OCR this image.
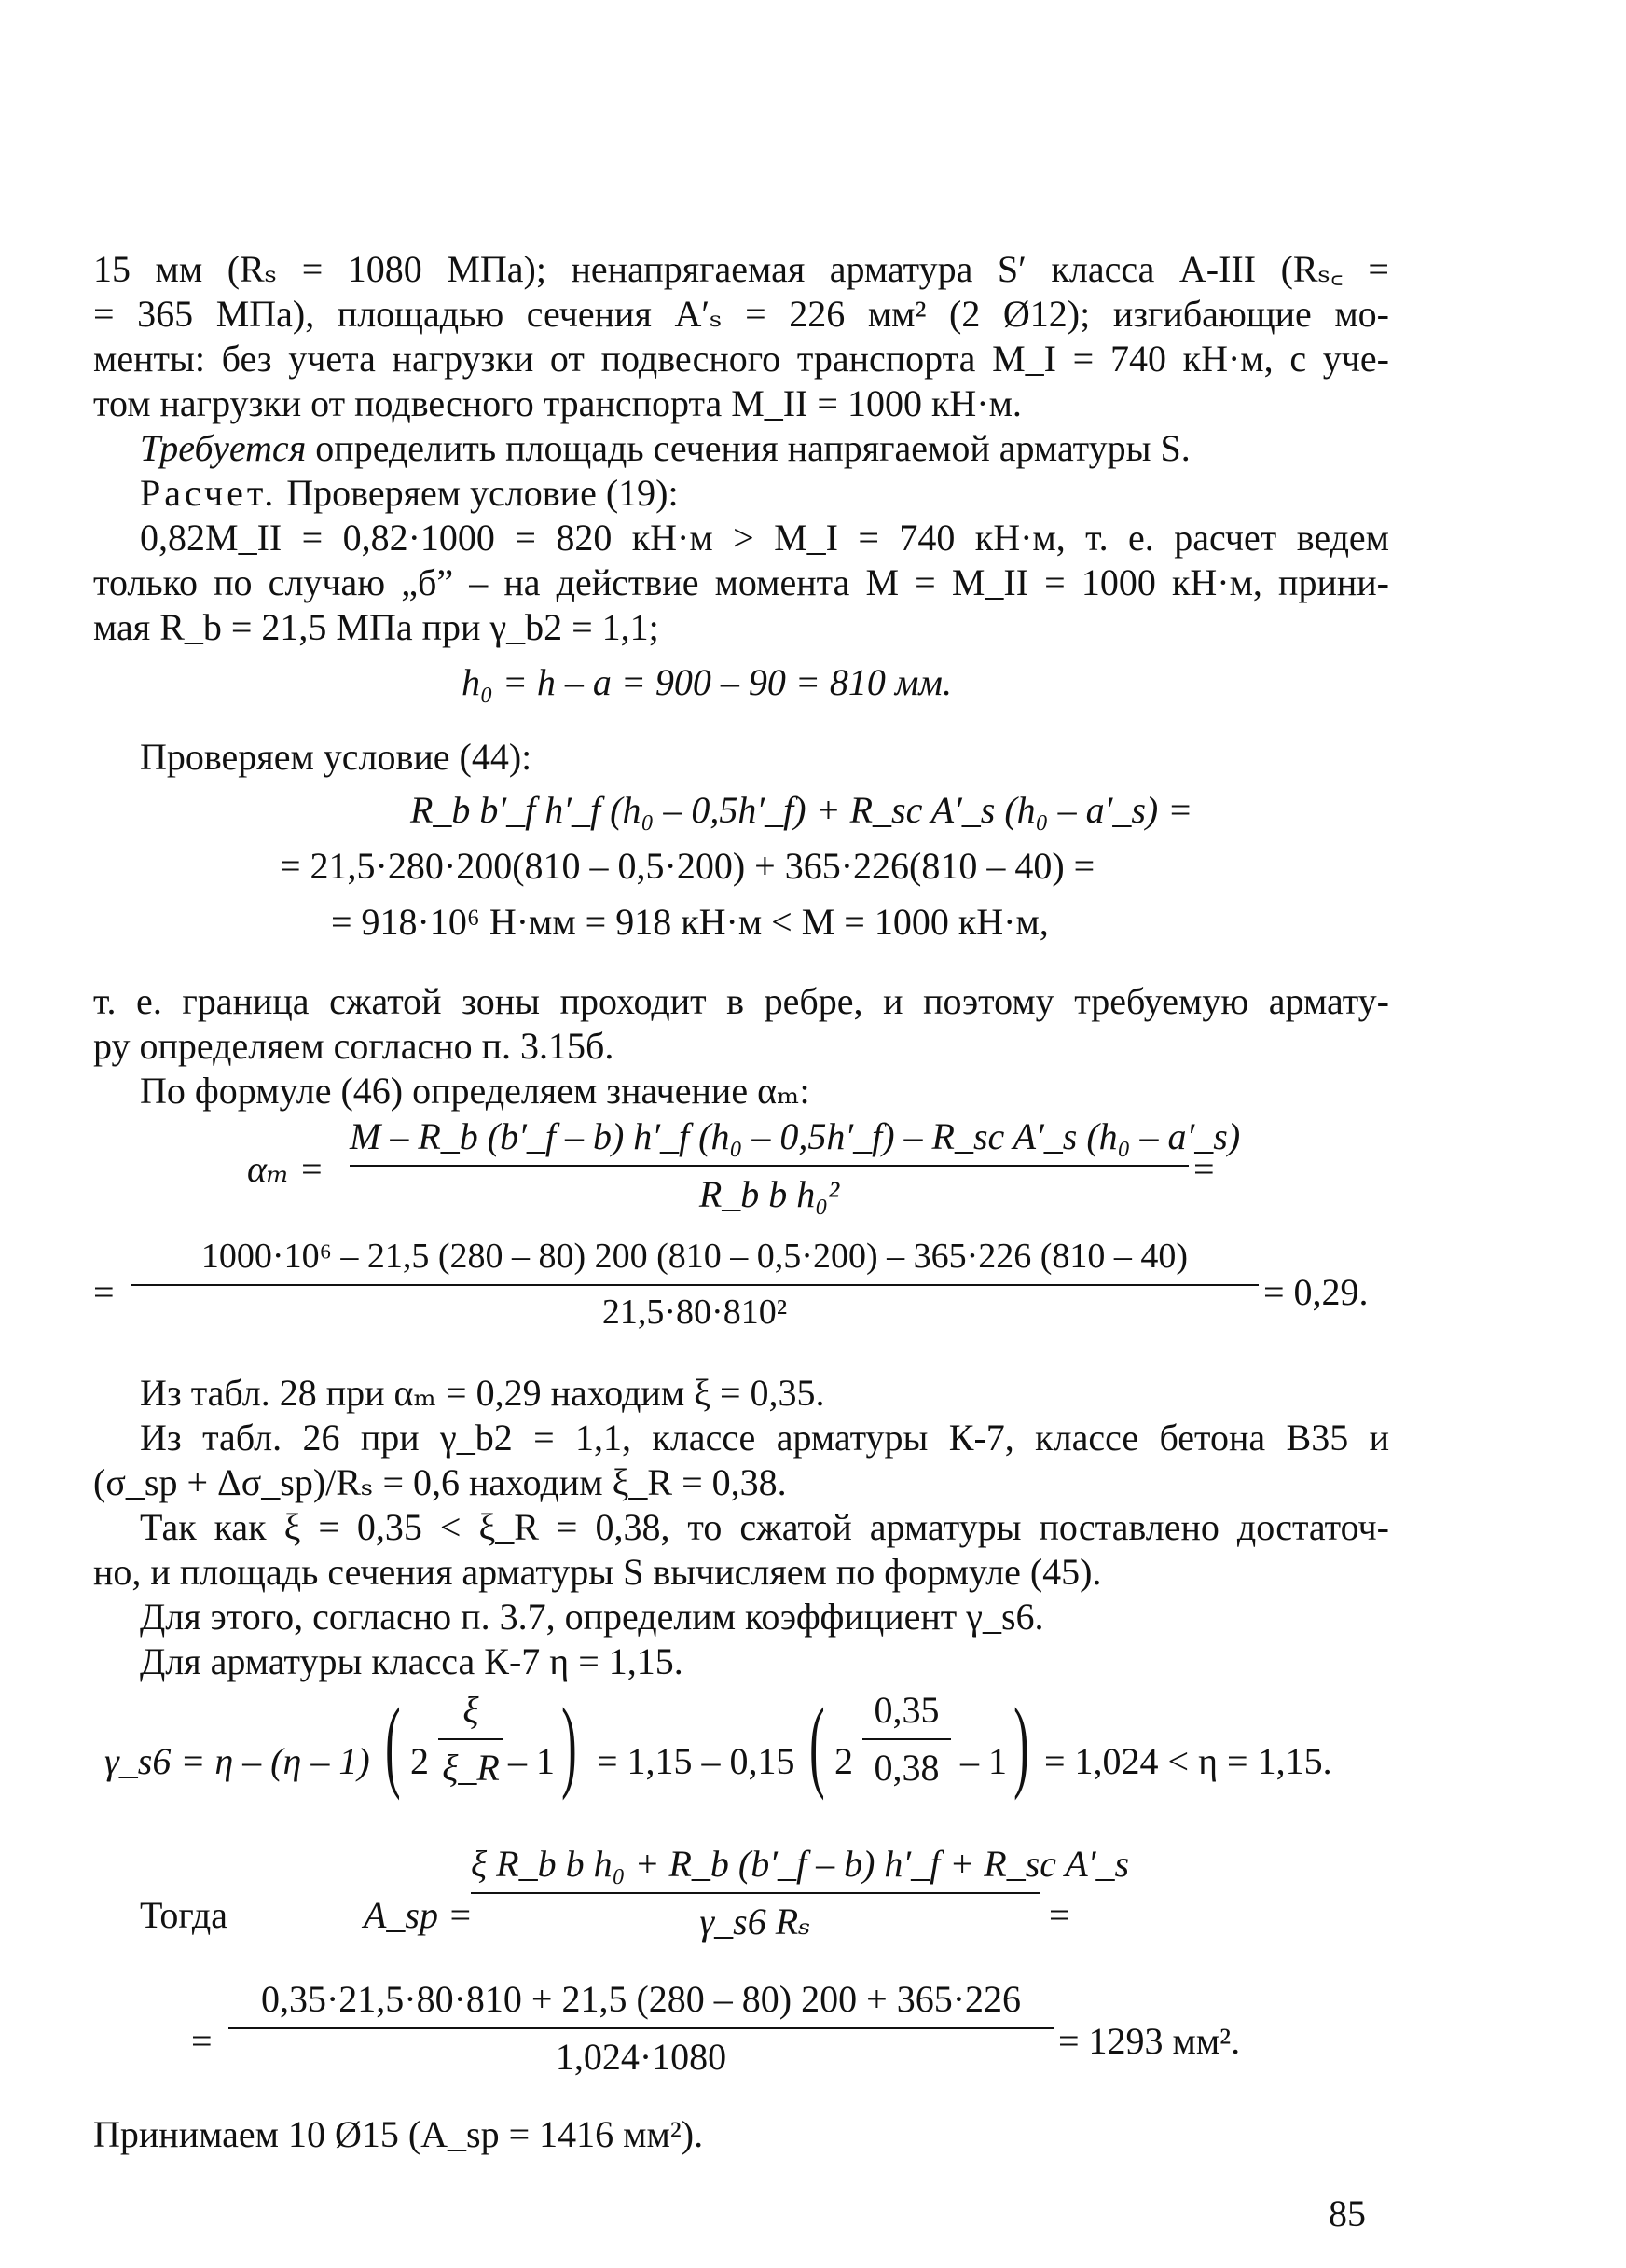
15 мм (Rₛ = 1080 МПа); ненапрягаемая арматура S′ класса A-III (Rₛ꜀ =
= 365 МПа), площадью сечения A′ₛ = 226 мм² (2 Ø12); изгибающие мо-
менты: без учета нагрузки от подвесного транспорта M_I = 740 кН·м, с уче-
том нагрузки от подвесного транспорта M_II = 1000 кН·м.
Требуется определить площадь сечения напрягаемой арматуры S.
Расчет. Проверяем условие (19):
0,82M_II = 0,82·1000 = 820 кН·м > M_I = 740 кН·м, т. е. расчет ведем
только по случаю „б” – на действие момента M = M_II = 1000 кН·м, прини-
мая R_b = 21,5 МПа при γ_b2 = 1,1;
h₀ = h – a = 900 – 90 = 810 мм.
Проверяем условие (44):
R_b b′_f h′_f (h₀ – 0,5h′_f) + R_sc A′_s (h₀ – a′_s) =
= 21,5·280·200(810 – 0,5·200) + 365·226(810 – 40) =
= 918·10⁶ Н·мм = 918 кН·м < M = 1000 кН·м,
т. е. граница сжатой зоны проходит в ребре, и поэтому требуемую армату-
ру определяем согласно п. 3.15б.
По формуле (46) определяем значение αₘ:
αₘ =
M – R_b (b′_f – b) h′_f (h₀ – 0,5h′_f) – R_sc A′_s (h₀ – a′_s)
R_b b h₀²
=
=
1000·10⁶ – 21,5 (280 – 80) 200 (810 – 0,5·200) – 365·226 (810 – 40)
21,5·80·810²	= 0,29.
Из табл. 28 при αₘ = 0,29 находим ξ = 0,35.
Из табл. 26 при γ_b2 = 1,1, классе арматуры К-7, классе бетона В35 и
(σ_sp + Δσ_sp)/Rₛ = 0,6 находим ξ_R = 0,38.
Так как ξ = 0,35 < ξ_R = 0,38, то сжатой арматуры поставлено достаточ-
но, и площадь сечения арматуры S вычисляем по формуле (45).
Для этого, согласно п. 3.7, определим коэффициент γ_s6.
Для арматуры класса К-7 η = 1,15.
γ_s6 = η – (η – 1) ( 2
ξ
ξ_R – 1 ) = 1,15 – 0,15 ( 2
0,35
0,38 – 1 ) = 1,024 < η = 1,15.
Тогда	A_sp =
ξ R_b b h₀ + R_b (b′_f – b) h′_f + R_sc A′_s
γ_s6 Rₛ	=
=
0,35·21,5·80·810 + 21,5 (280 – 80) 200 + 365·226
1,024·1080	= 1293 мм².
Принимаем 10 Ø15 (A_sp = 1416 мм²).
85
